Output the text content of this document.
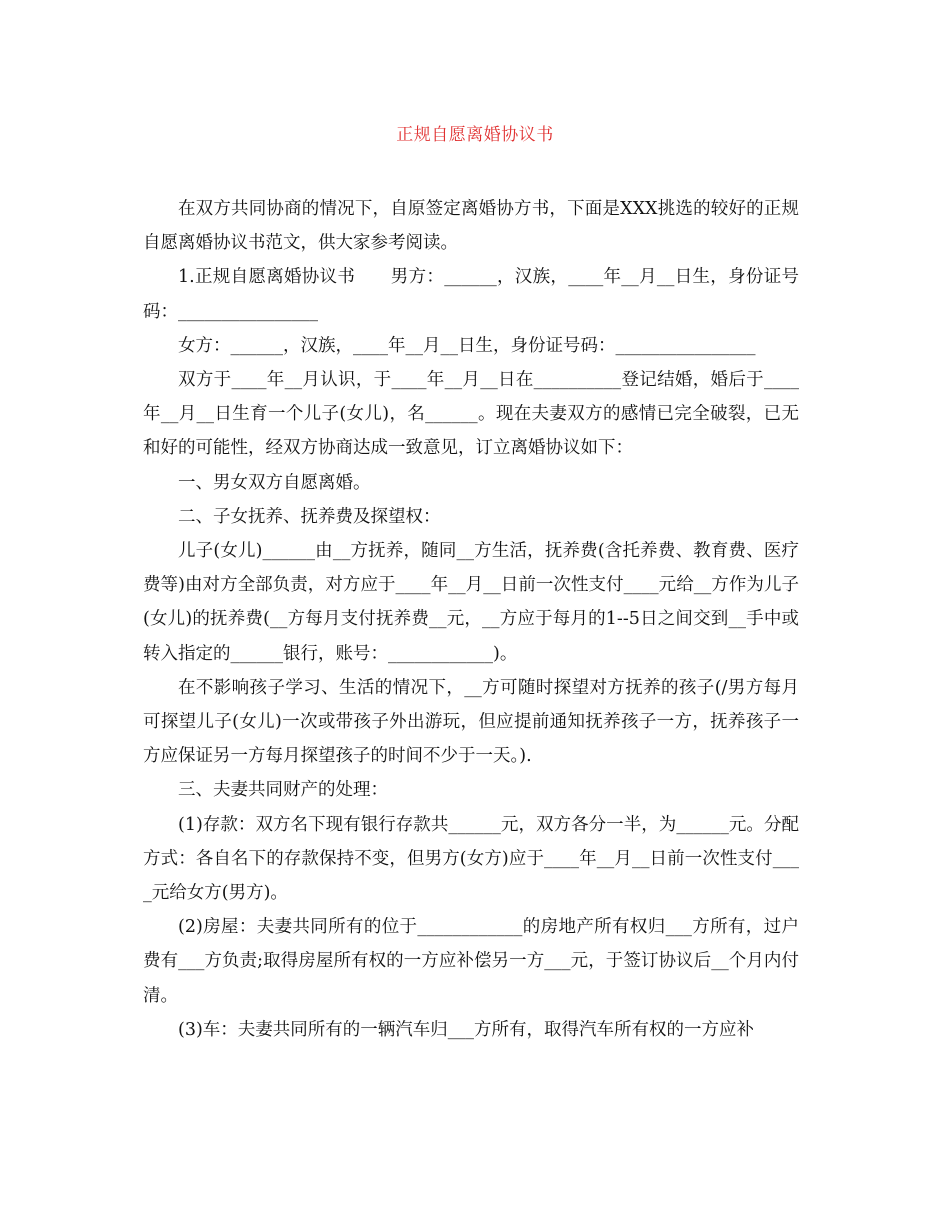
正规自愿离婚协议书

在双方共同协商的情况下，自原签定离婚协方书，下面是XXX挑选的较好的正规自愿离婚协议书范文，供大家参考阅读。

1.正规自愿离婚协议书　　男方：______，汉族，____年__月__日生，身份证号码：________________

女方：______，汉族，____年__月__日生，身份证号码：________________

双方于____年__月认识，于____年__月__日在__________登记结婚，婚后于____年__月__日生育一个儿子(女儿)，名______。现在夫妻双方的感情已完全破裂，已无和好的可能性，经双方协商达成一致意见，订立离婚协议如下：

一、男女双方自愿离婚。

二、子女抚养、抚养费及探望权：

儿子(女儿)______由__方抚养，随同__方生活，抚养费(含托养费、教育费、医疗费等)由对方全部负责，对方应于____年__月__日前一次性支付____元给__方作为儿子(女儿)的抚养费(__方每月支付抚养费__元，__方应于每月的1--5日之间交到__手中或转入指定的______银行，账号：____________)。

在不影响孩子学习、生活的情况下，__方可随时探望对方抚养的孩子(/男方每月可探望儿子(女儿)一次或带孩子外出游玩，但应提前通知抚养孩子一方，抚养孩子一方应保证另一方每月探望孩子的时间不少于一天。).

三、夫妻共同财产的处理：

(1)存款：双方名下现有银行存款共______元，双方各分一半，为______元。分配方式：各自名下的存款保持不变，但男方(女方)应于____年__月__日前一次性支付____元给女方(男方)。

(2)房屋：夫妻共同所有的位于____________的房地产所有权归___方所有，过户费有___方负责;取得房屋所有权的一方应补偿另一方___元，于签订协议后__个月内付清。

(3)车：夫妻共同所有的一辆汽车归___方所有，取得汽车所有权的一方应补
